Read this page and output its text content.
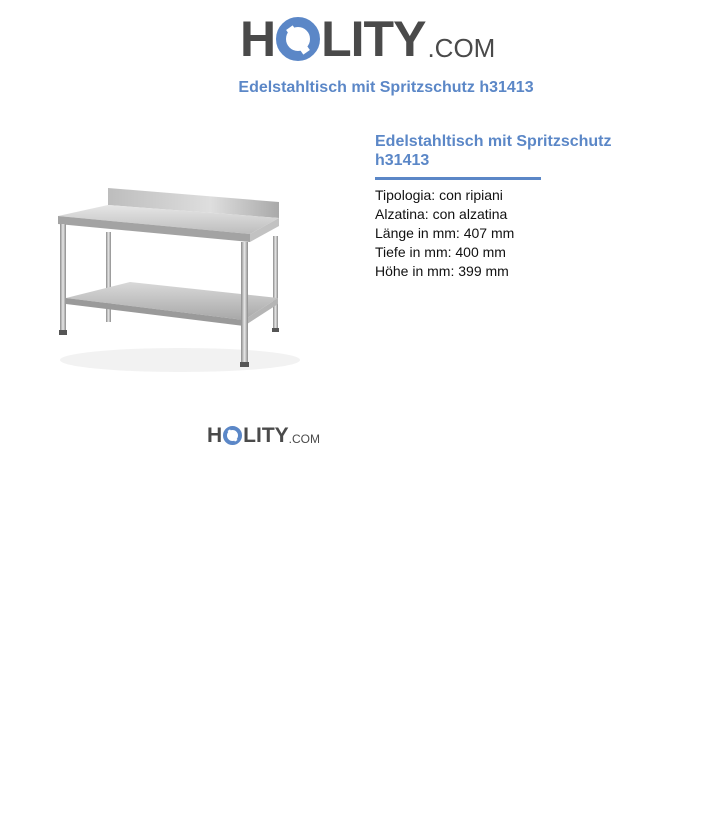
H LITY .COM
Edelstahltisch mit Spritzschutz h31413
H LITY .COM
Edelstahltisch mit Spritzschutz h31413
Tipologia: con ripiani
Alzatina: con alzatina
Länge in mm: 407 mm
Tiefe in mm: 400 mm
Höhe in mm: 399 mm
